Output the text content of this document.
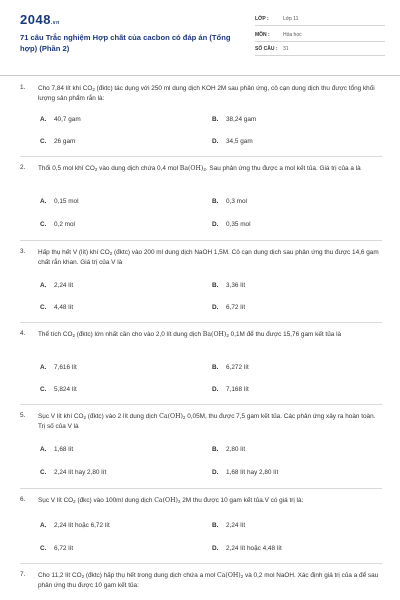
2048.vn
71 câu Trắc nghiệm Hợp chất của cacbon có đáp án (Tổng hợp) (Phần 2)
LỚP :	Lớp 11
MÔN :	Hóa học
SỐ CÂU : 31
1. Cho 7,84 lít khí $CO_2$ (đktc) tác dụng với 250 ml dung dịch KOH 2M sau phản ứng, cô cạn dung dịch thu được tổng khối lượng sản phẩm rắn là:
A. 40,7 gam	B. 38,24 gam
C. 26 gam	D. 34,5 gam
2. Thổi 0,5 mol khí $CO_2$ vào dung dịch chứa 0,4 mol $Ba(OH)_2$. Sau phản ứng thu được a mol kết tủa. Giá trị của a là
A. 0,15 mol	B. 0,3 mol
C. 0,2 mol	D. 0,35 mol
3. Hấp thụ hết V (lít) khí $CO_2$ (đktc) vào 200 ml dung dịch NaOH 1,5M. Cô cạn dung dịch sau phản ứng thu được 14,6 gam chất rắn khan. Giá trị của V là
A. 2,24 lít	B. 3,36 lít
C. 4,48 lít	D. 6,72 lít
4. Thể tích $CO_2$ (đktc) lớn nhất cần cho vào 2,0 lít dung dịch $Ba(OH)_2$ 0,1M để thu được 15,76 gam kết tủa là
A. 7,616 lít	B. 6,272 lít
C. 5,824 lít	D. 7,168 lít
5. Sục V lít khí $CO_2$ (đktc) vào 2 lít dung dịch $Ca(OH)_2$ 0,05M, thu được 7,5 gam kết tủa. Các phản ứng xảy ra hoàn toàn. Trị số của V là
A. 1,68 lít	B. 2,80 lít
C. 2,24 lít hay 2,80 lít	D. 1,68 lít hay 2,80 lít
6. Sục V lít $CO_2$ (đkc) vào 100ml dung dịch $Ca(OH)_2$ 2M thu được 10 gam kết tủa.V có giá trị là:
A. 2,24 lít hoặc 6,72 lít	B. 2,24 lít
C. 6,72 lít	D. 2,24 lít hoặc 4,48 lít
7. Cho 11,2 lít $CO_2$ (đktc) hấp thụ hết trong dung dịch chứa a mol $Ca(OH)_2$ và 0,2 mol NaOH. Xác định giá trị của a để sau phản ứng thu được 10 gam kết tủa:
